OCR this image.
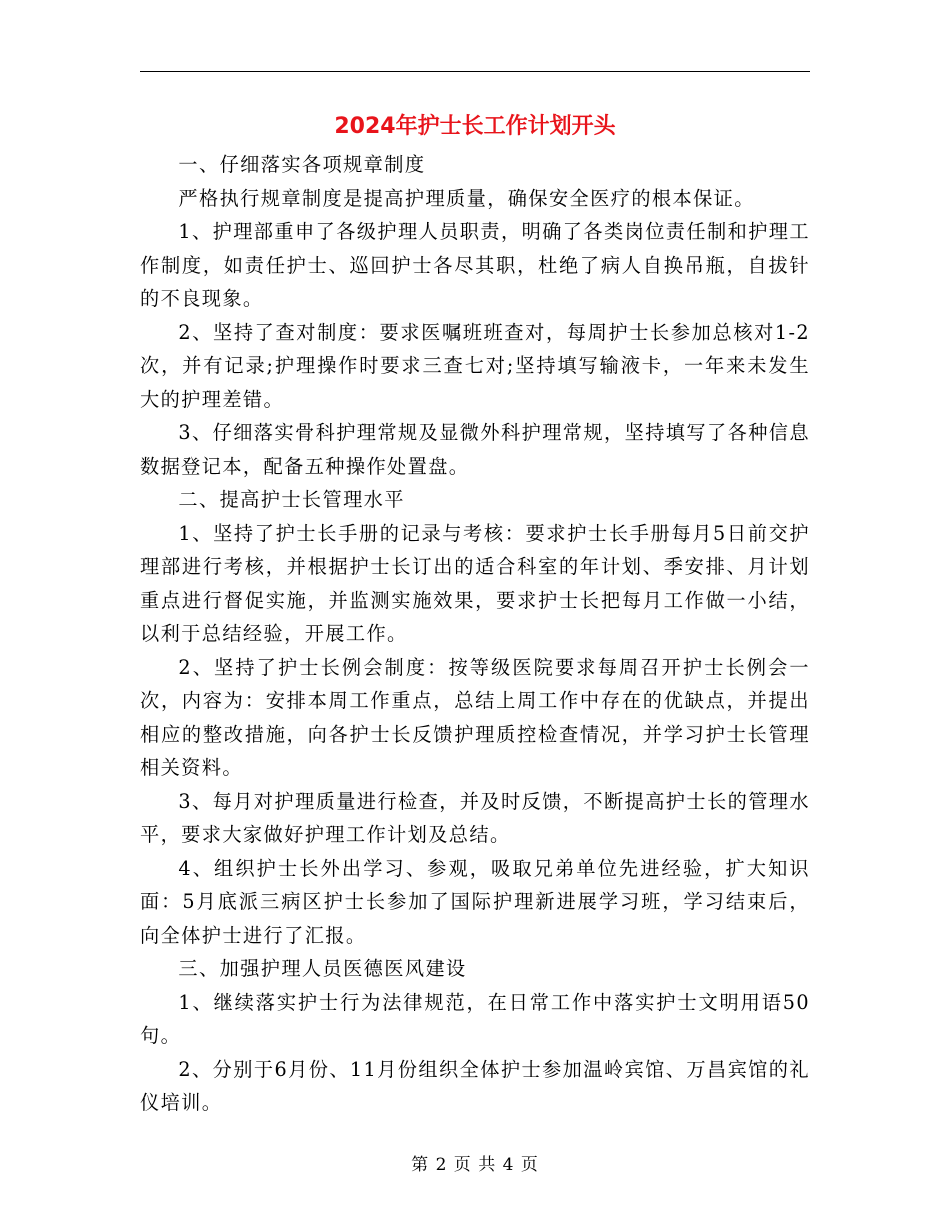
2024年护士长工作计划开头

一、仔细落实各项规章制度

严格执行规章制度是提高护理质量，确保安全医疗的根本保证。

1、护理部重申了各级护理人员职责，明确了各类岗位责任制和护理工作制度，如责任护士、巡回护士各尽其职，杜绝了病人自换吊瓶，自拔针的不良现象。

2、坚持了查对制度：要求医嘱班班查对，每周护士长参加总核对1-2次，并有记录;护理操作时要求三查七对;坚持填写输液卡，一年来未发生大的护理差错。

3、仔细落实骨科护理常规及显微外科护理常规，坚持填写了各种信息数据登记本，配备五种操作处置盘。

二、提高护士长管理水平

1、坚持了护士长手册的记录与考核：要求护士长手册每月5日前交护理部进行考核，并根据护士长订出的适合科室的年计划、季安排、月计划重点进行督促实施，并监测实施效果，要求护士长把每月工作做一小结，以利于总结经验，开展工作。

2、坚持了护士长例会制度：按等级医院要求每周召开护士长例会一次，内容为：安排本周工作重点，总结上周工作中存在的优缺点，并提出相应的整改措施，向各护士长反馈护理质控检查情况，并学习护士长管理相关资料。

3、每月对护理质量进行检查，并及时反馈，不断提高护士长的管理水平，要求大家做好护理工作计划及总结。

4、组织护士长外出学习、参观，吸取兄弟单位先进经验，扩大知识面：5月底派三病区护士长参加了国际护理新进展学习班，学习结束后，向全体护士进行了汇报。

三、加强护理人员医德医风建设

1、继续落实护士行为法律规范，在日常工作中落实护士文明用语50句。

2、分别于6月份、11月份组织全体护士参加温岭宾馆、万昌宾馆的礼仪培训。

第 2 页 共 4 页
